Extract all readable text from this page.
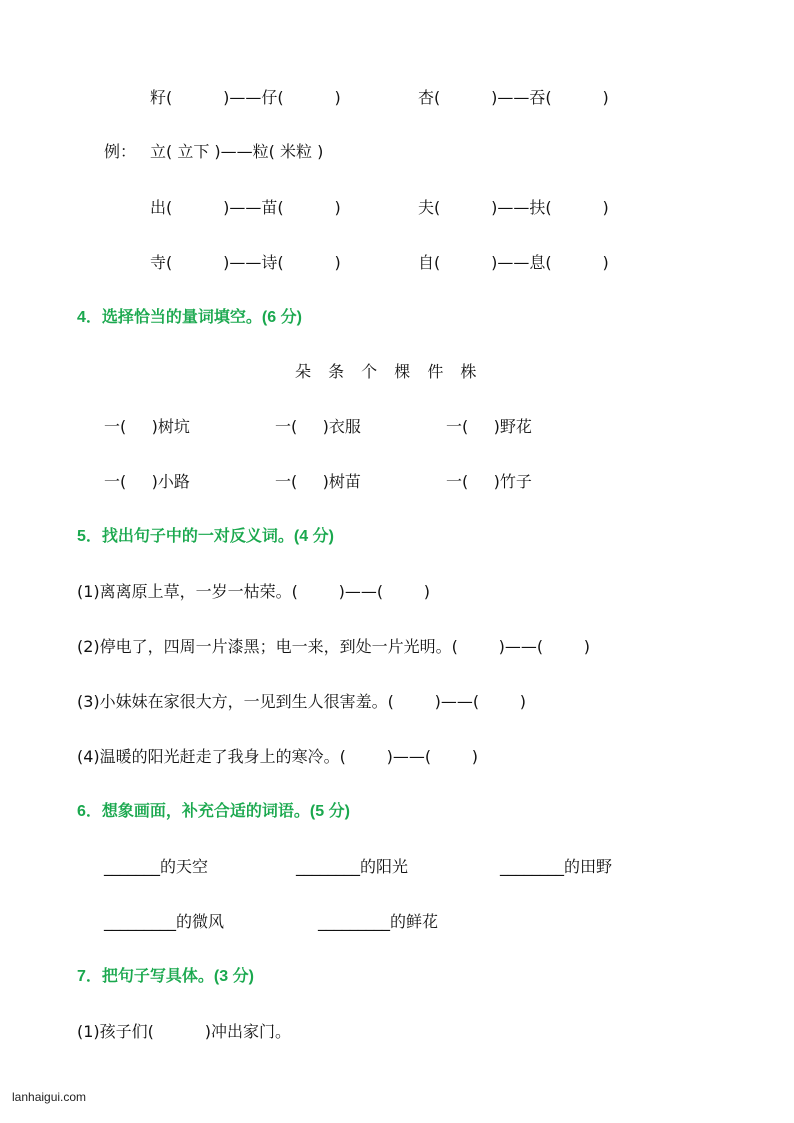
籽(          )——仔(          )	杏(          )——吞(          )
例： 立( 立下 )——粒( 米粒 )
出(          )——苗(          )	夫(          )——扶(          )
寺(          )——诗(          )	自(          )——息(          )
4．选择恰当的量词填空。(6 分)
朵 条 个 棵 件 株
一(     )树坑	一(     )衣服	一(     )野花
一(     )小路	一(     )树苗	一(     )竹子
5．找出句子中的一对反义词。(4 分)
(1)离离原上草，一岁一枯荣。(        )——(        )
(2)停电了，四周一片漆黑；电一来，到处一片光明。(        )——(        )
(3)小妹妹在家很大方，一见到生人很害羞。(        )——(        )
(4)温暖的阳光赶走了我身上的寒冷。(        )——(        )
6．想象画面，补充合适的词语。(5 分)
_______的天空	________的阳光	________的田野
_________的微风	_________的鲜花
7．把句子写具体。(3 分)
(1)孩子们(          )冲出家门。
lanhaigui.com
